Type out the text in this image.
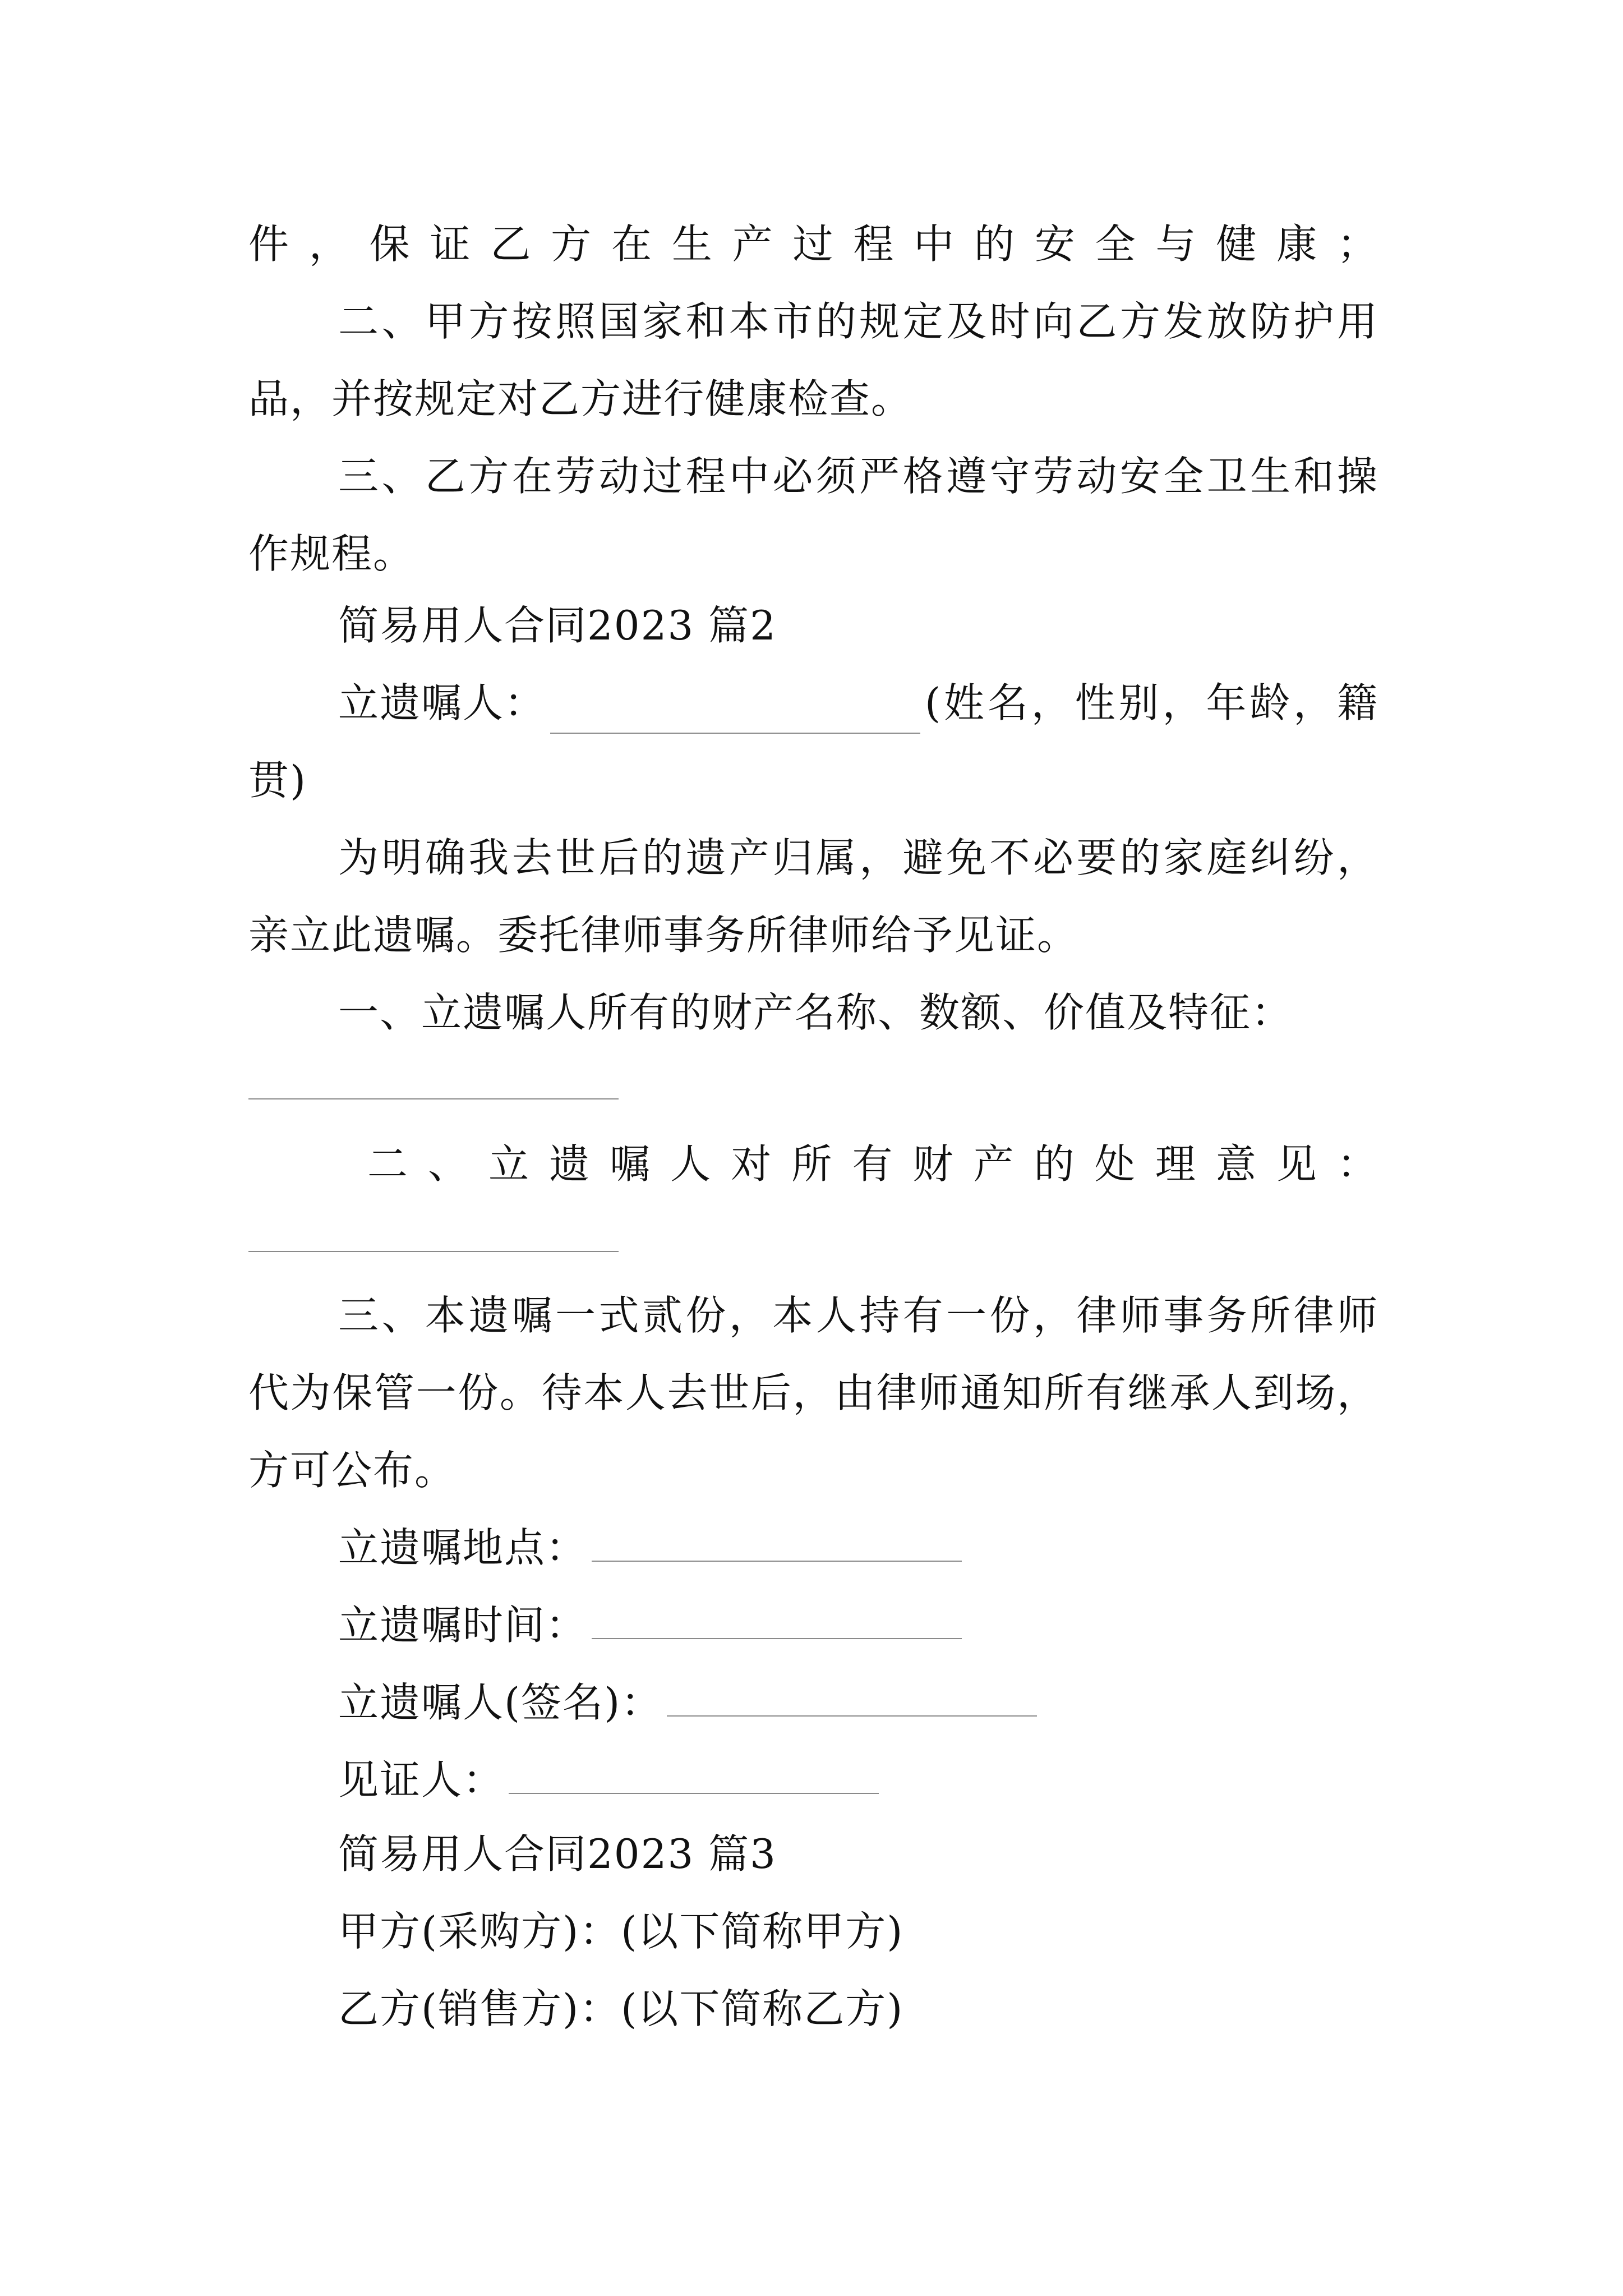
件，保证乙方在生产过程中的安全与健康；
二、甲方按照国家和本市的规定及时向乙方发放防护用
品，并按规定对乙方进行健康检查。
三、乙方在劳动过程中必须严格遵守劳动安全卫生和操
作规程。
简易用人合同2023 篇2
立遗嘱人：	(姓名，性别，年龄，籍
贯)
为明确我去世后的遗产归属，避免不必要的家庭纠纷，
亲立此遗嘱。委托律师事务所律师给予见证。
一、立遗嘱人所有的财产名称、数额、价值及特征：
二、立遗嘱人对所有财产的处理意见：
三、本遗嘱一式贰份，本人持有一份，律师事务所律师
代为保管一份。待本人去世后，由律师通知所有继承人到场，
方可公布。
立遗嘱地点：
立遗嘱时间：
立遗嘱人(签名)：
见证人：
简易用人合同2023 篇3
甲方(采购方)：(以下简称甲方)
乙方(销售方)：(以下简称乙方)
